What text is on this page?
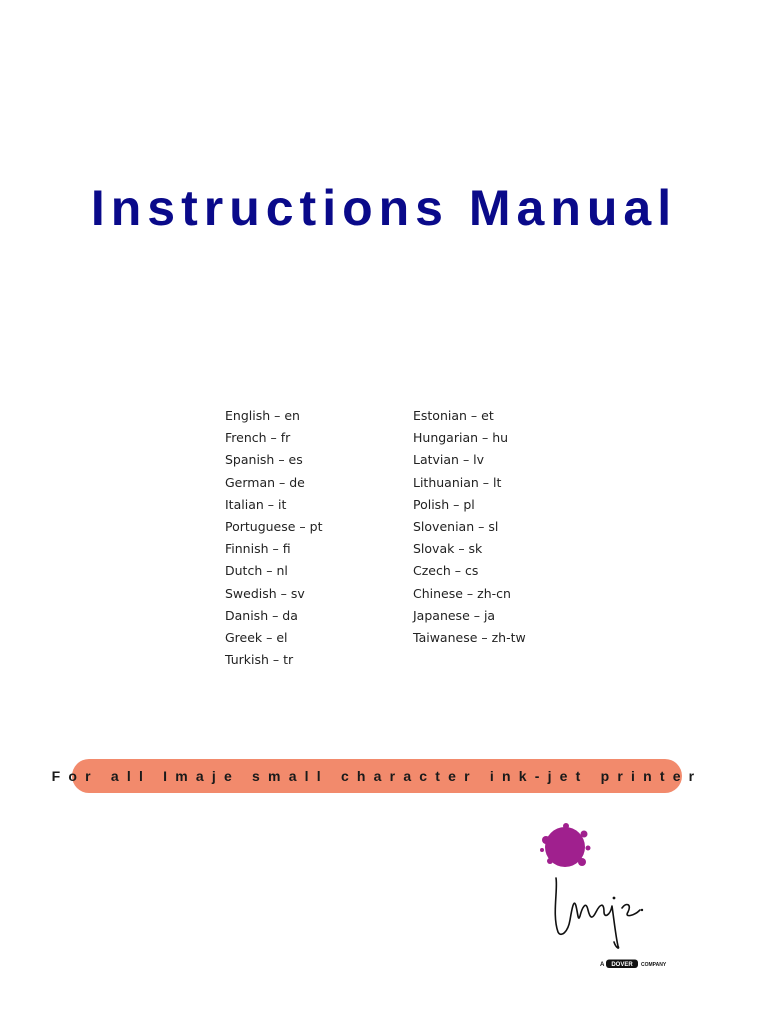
Instructions Manual
English – en
French – fr
Spanish – es
German – de
Italian – it
Portuguese – pt
Finnish – fi
Dutch – nl
Swedish – sv
Danish – da
Greek – el
Turkish – tr
Estonian – et
Hungarian – hu
Latvian – lv
Lithuanian – lt
Polish – pl
Slovenian – sl
Slovak – sk
Czech – cs
Chinese – zh-cn
Japanese – ja
Taiwanese – zh-tw
For all Imaje small character ink-jet printer
A DOVER COMPANY
